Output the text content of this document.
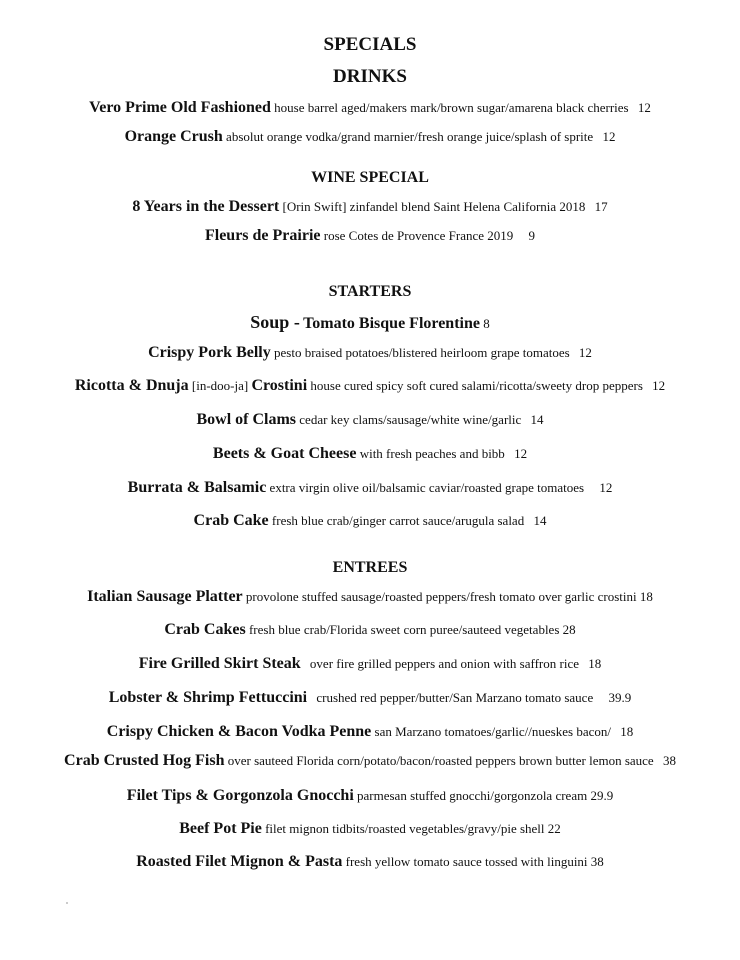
SPECIALS
DRINKS
Vero Prime Old Fashioned house barrel aged/makers mark/brown sugar/amarena black cherries 12
Orange Crush absolut orange vodka/grand marnier/fresh orange juice/splash of sprite 12
WINE SPECIAL
8 Years in the Dessert [Orin Swift] zinfandel blend Saint Helena California 2018 17
Fleurs de Prairie rose Cotes de Provence France 2019 9
STARTERS
Soup - Tomato Bisque Florentine 8
Crispy Pork Belly pesto braised potatoes/blistered heirloom grape tomatoes 12
Ricotta & Dnuja [in-doo-ja] Crostini house cured spicy soft cured salami/ricotta/sweety drop peppers 12
Bowl of Clams cedar key clams/sausage/white wine/garlic 14
Beets & Goat Cheese with fresh peaches and bibb 12
Burrata & Balsamic extra virgin olive oil/balsamic caviar/roasted grape tomatoes 12
Crab Cake fresh blue crab/ginger carrot sauce/arugula salad 14
ENTREES
Italian Sausage Platter provolone stuffed sausage/roasted peppers/fresh tomato over garlic crostini 18
Crab Cakes fresh blue crab/Florida sweet corn puree/sauteed vegetables 28
Fire Grilled Skirt Steak over fire grilled peppers and onion with saffron rice 18
Lobster & Shrimp Fettuccini crushed red pepper/butter/San Marzano tomato sauce 39.9
Crispy Chicken & Bacon Vodka Penne san Marzano tomatoes/garlic//nueskes bacon/ 18
Crab Crusted Hog Fish over sauteed Florida corn/potato/bacon/roasted peppers brown butter lemon sauce 38
Filet Tips & Gorgonzola Gnocchi parmesan stuffed gnocchi/gorgonzola cream 29.9
Beef Pot Pie filet mignon tidbits/roasted vegetables/gravy/pie shell 22
Roasted Filet Mignon & Pasta fresh yellow tomato sauce tossed with linguini 38
